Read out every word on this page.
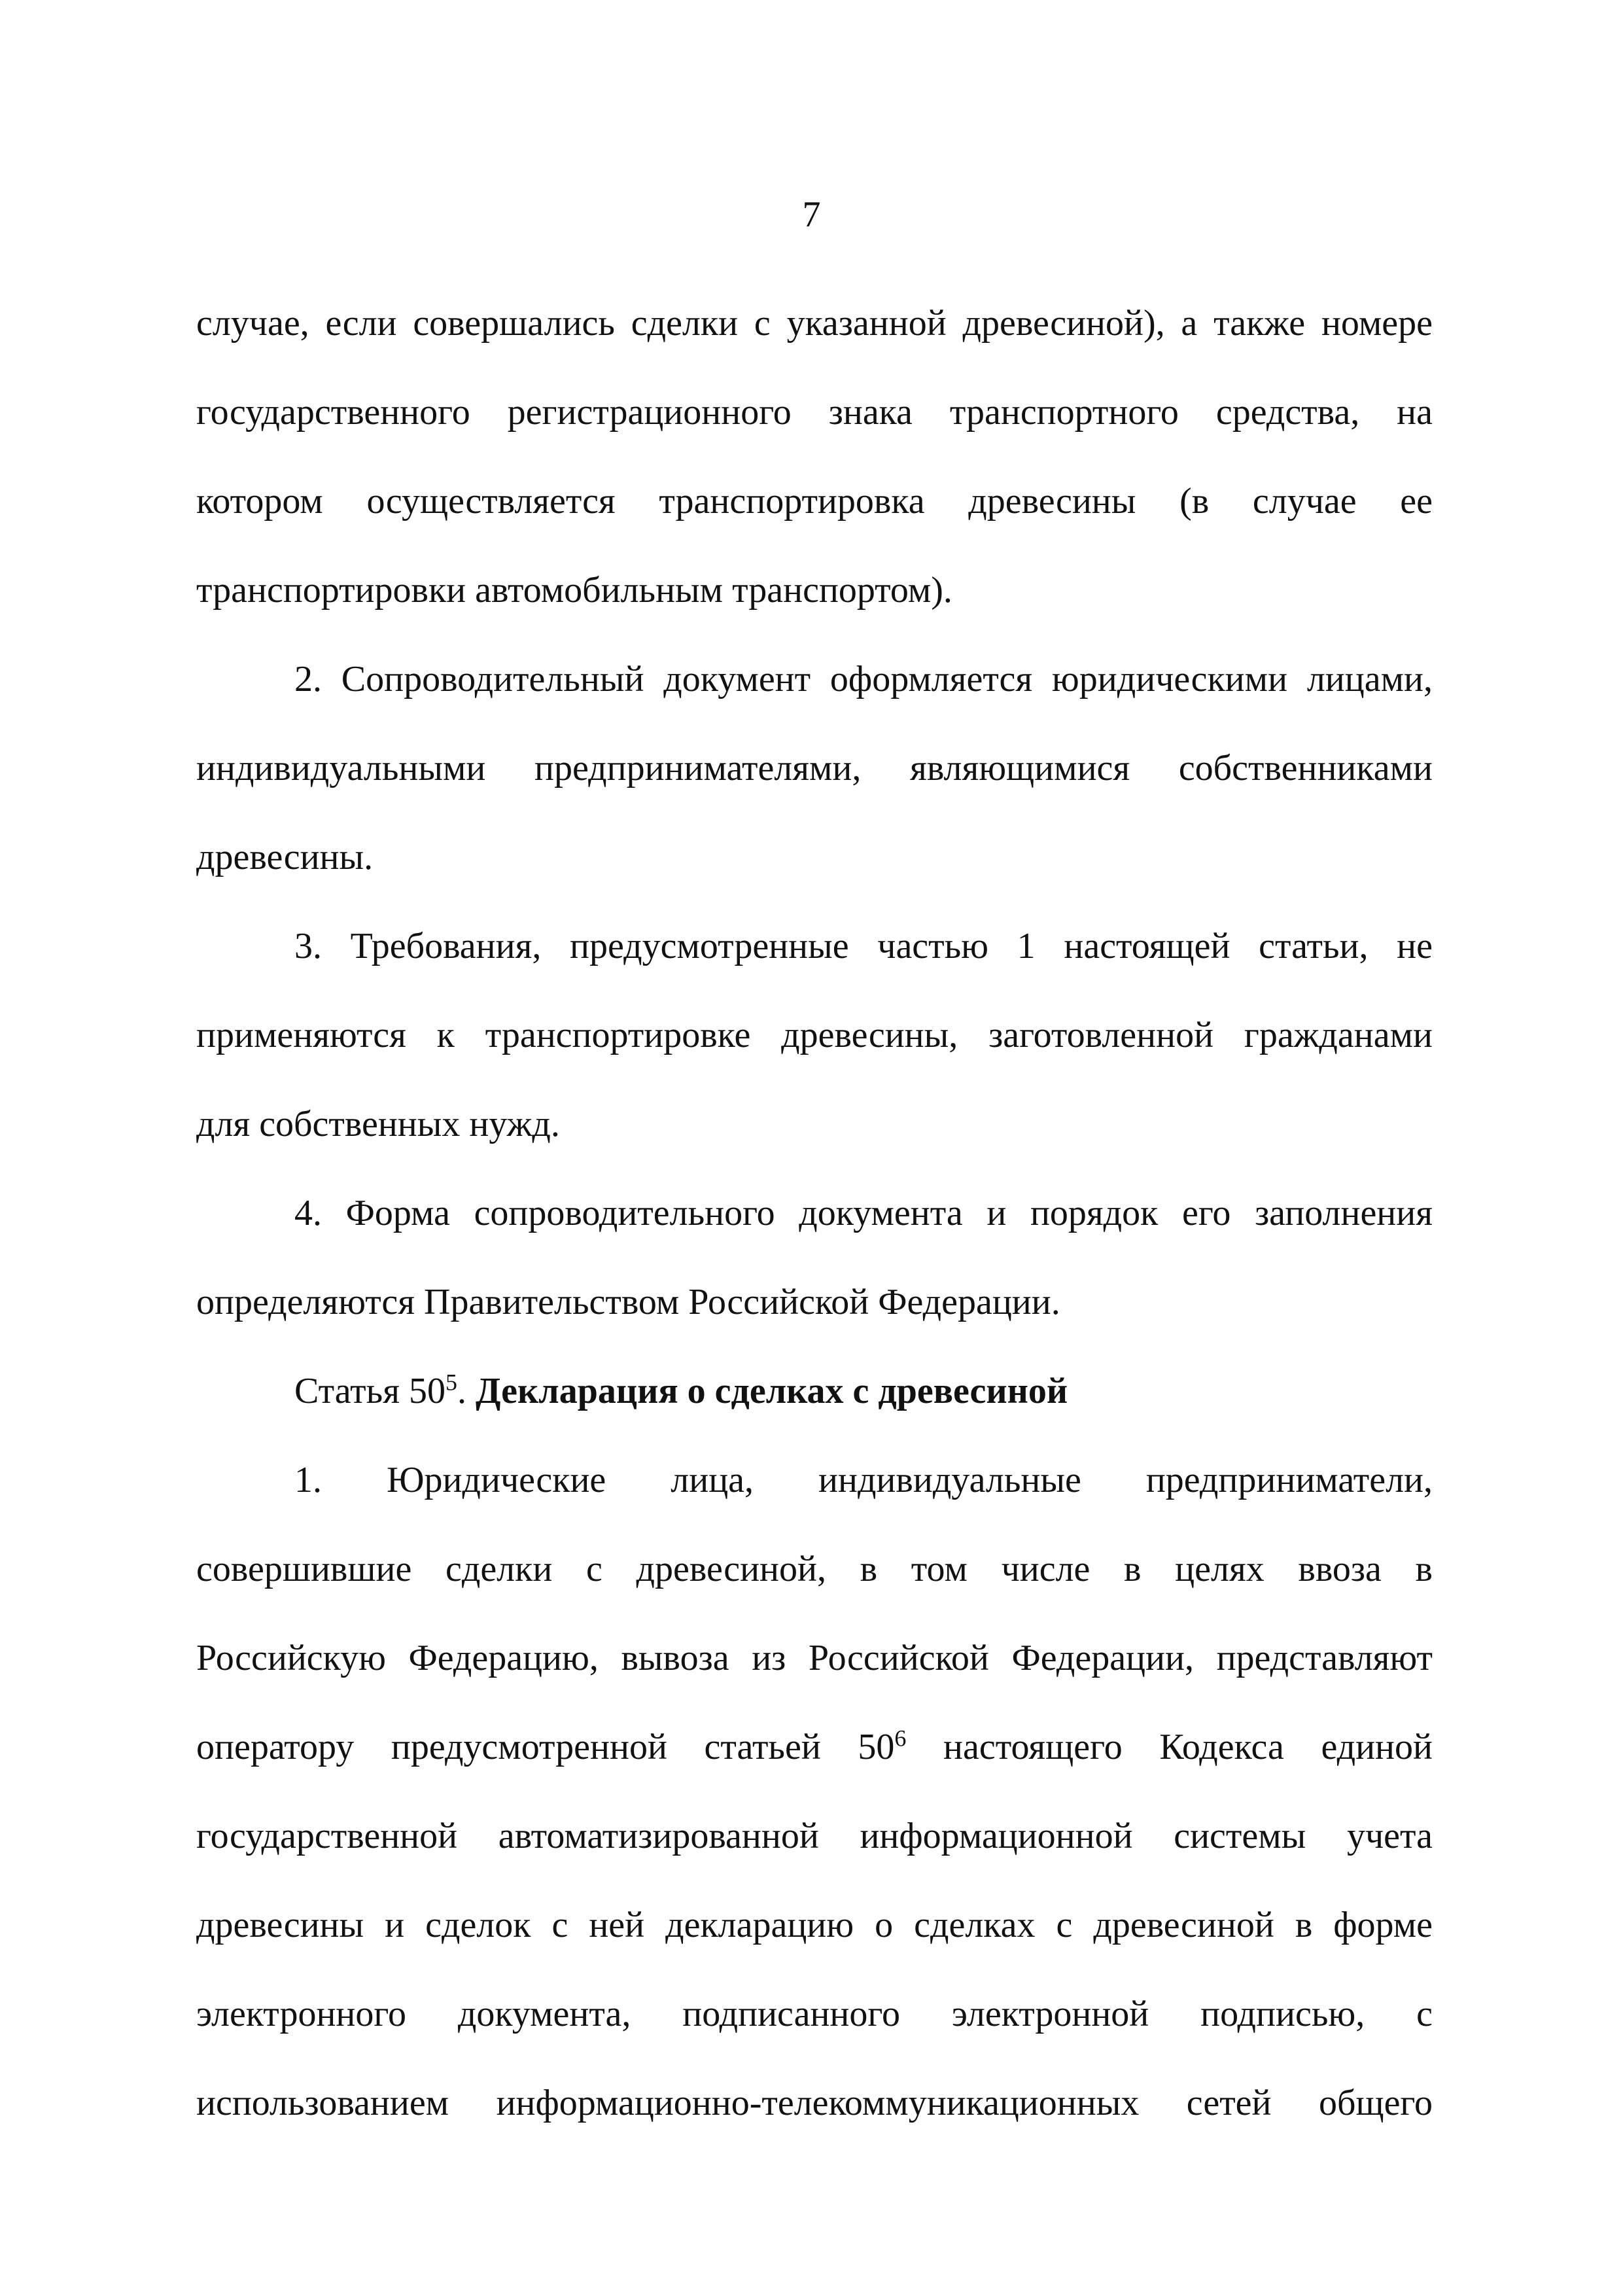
7
случае, если совершались сделки с указанной древесиной), а также номере
государственного регистрационного знака транспортного средства, на
котором осуществляется транспортировка древесины (в случае ее
транспортировки автомобильным транспортом).
2. Сопроводительный документ оформляется юридическими лицами,
индивидуальными предпринимателями, являющимися собственниками
древесины.
3. Требования, предусмотренные частью 1 настоящей статьи, не
применяются к транспортировке древесины, заготовленной гражданами
для собственных нужд.
4. Форма сопроводительного документа и порядок его заполнения
определяются Правительством Российской Федерации.
Статья $50^5$. Декларация о сделках с древесиной
1. Юридические лица, индивидуальные предприниматели,
совершившие сделки с древесиной, в том числе в целях ввоза в
Российскую Федерацию, вывоза из Российской Федерации, представляют
оператору предусмотренной статьей $50^6$ настоящего Кодекса единой
государственной автоматизированной информационной системы учета
древесины и сделок с ней декларацию о сделках с древесиной в форме
электронного документа, подписанного электронной подписью, с
использованием информационно-телекоммуникационных сетей общего
